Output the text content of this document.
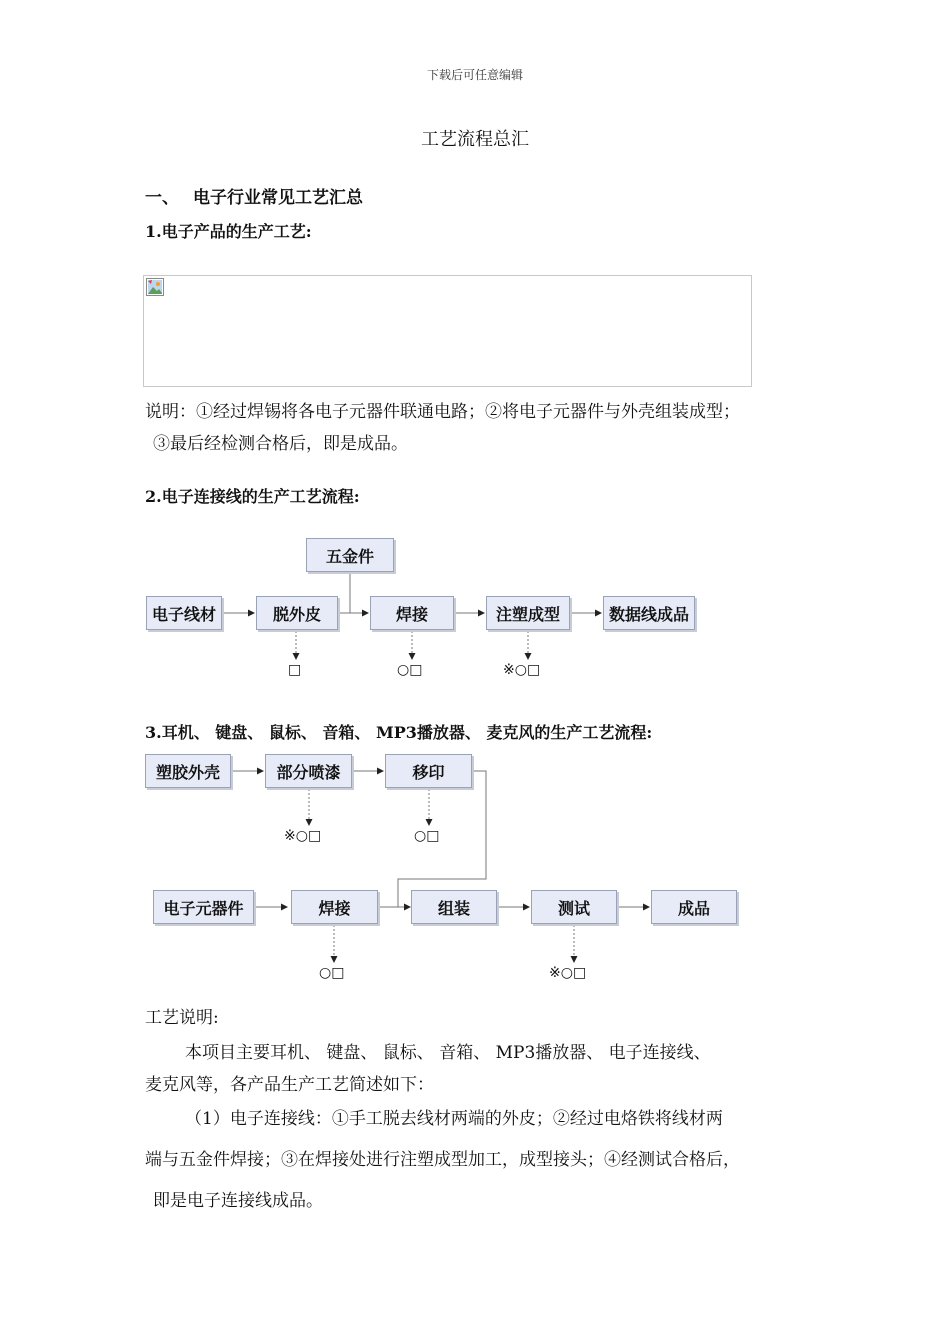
下载后可任意编辑
工艺流程总汇
一、 电子行业常见工艺汇总
1.电子产品的生产工艺:
说明：①经过焊锡将各电子元器件联通电路；②将电子元器件与外壳组装成型；
③最后经检测合格后，即是成品。
2.电子连接线的生产工艺流程:
五金件
电子线材	脱外皮	焊接	注塑成型	数据线成品
□	○□	※○□
3.耳机、 键盘、 鼠标、 音箱、 MP3播放器、 麦克风的生产工艺流程:
塑胶外壳	部分喷漆	移印
※○□	○□
电子元器件	焊接	组装	测试	成品
○□	※○□
工艺说明:
本项目主要耳机、 键盘、 鼠标、 音箱、 MP3播放器、 电子连接线、
麦克风等，各产品生产工艺简述如下：
（1）电子连接线：①手工脱去线材两端的外皮；②经过电烙铁将线材两
端与五金件焊接；③在焊接处进行注塑成型加工，成型接头；④经测试合格后，
即是电子连接线成品。
